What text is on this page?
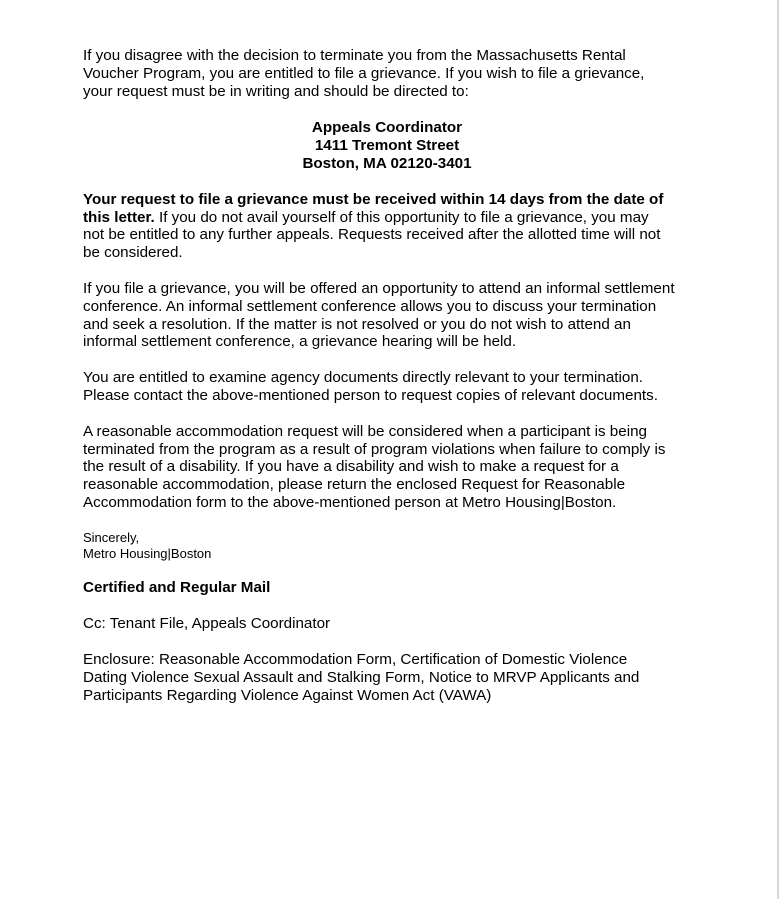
If you disagree with the decision to terminate you from the Massachusetts Rental
Voucher Program, you are entitled to file a grievance. If you wish to file a grievance,
your request must be in writing and should be directed to:

Appeals Coordinator
1411 Tremont Street
Boston, MA 02120-3401

Your request to file a grievance must be received within 14 days from the date of
this letter. If you do not avail yourself of this opportunity to file a grievance, you may
not be entitled to any further appeals. Requests received after the allotted time will not
be considered.

If you file a grievance, you will be offered an opportunity to attend an informal settlement
conference. An informal settlement conference allows you to discuss your termination
and seek a resolution. If the matter is not resolved or you do not wish to attend an
informal settlement conference, a grievance hearing will be held.

You are entitled to examine agency documents directly relevant to your termination.
Please contact the above-mentioned person to request copies of relevant documents.

A reasonable accommodation request will be considered when a participant is being
terminated from the program as a result of program violations when failure to comply is
the result of a disability. If you have a disability and wish to make a request for a
reasonable accommodation, please return the enclosed Request for Reasonable
Accommodation form to the above-mentioned person at Metro Housing|Boston.

Sincerely,

Metro Housing|Boston

Certified and Regular Mail

Cc: Tenant File, Appeals Coordinator

Enclosure: Reasonable Accommodation Form, Certification of Domestic Violence
Dating Violence Sexual Assault and Stalking Form, Notice to MRVP Applicants and
Participants Regarding Violence Against Women Act (VAWA)
